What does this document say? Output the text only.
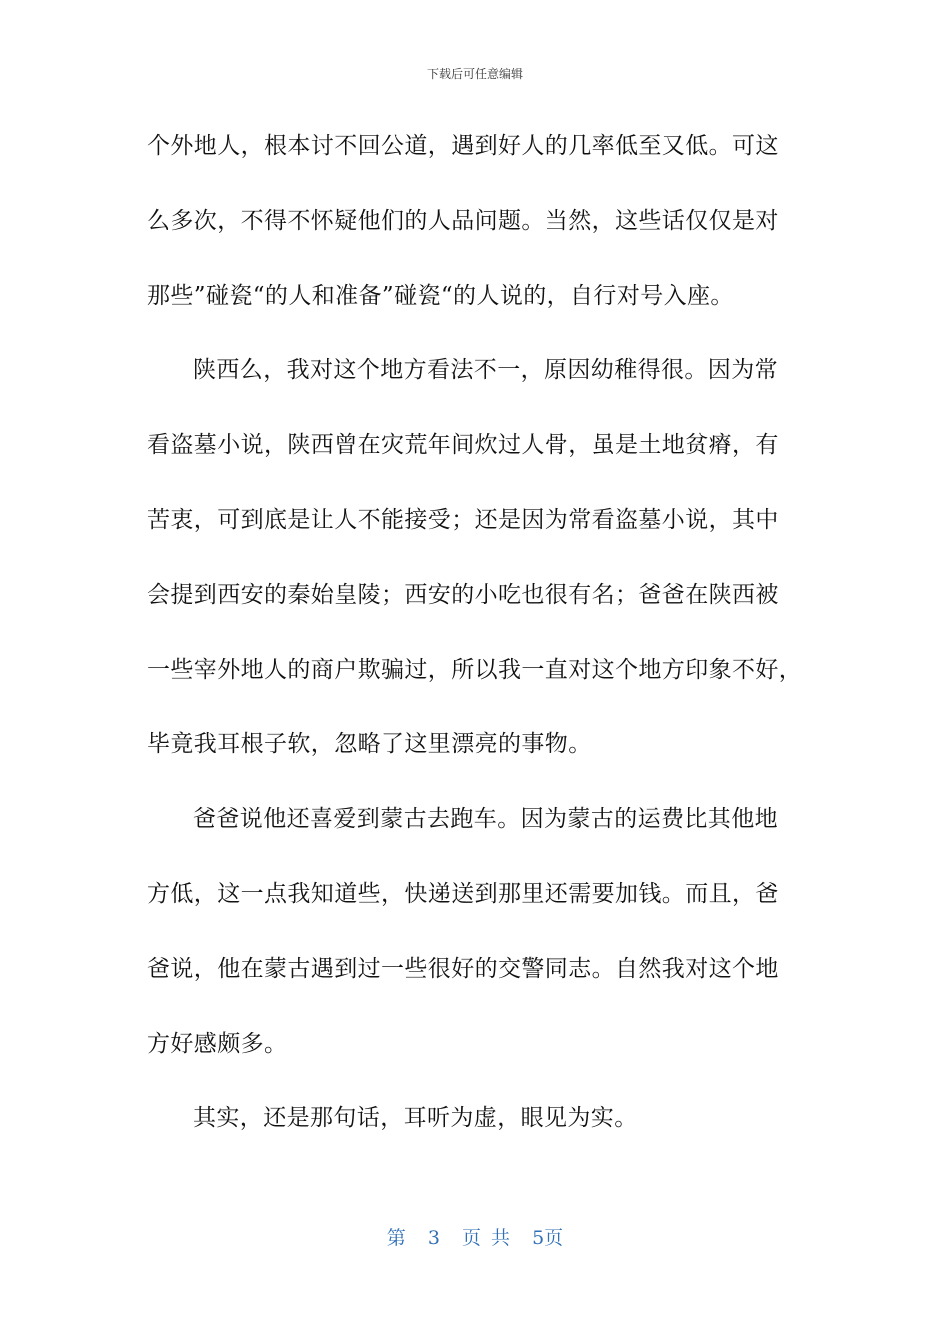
下载后可任意编辑
个外地人，根本讨不回公道，遇到好人的几率低至又低。可这
么多次，不得不怀疑他们的人品问题。当然，这些话仅仅是对
那些”碰瓷“的人和准备”碰瓷“的人说的，自行对号入座。
陕西么，我对这个地方看法不一，原因幼稚得很。因为常
看盗墓小说，陕西曾在灾荒年间炊过人骨，虽是土地贫瘠，有
苦衷，可到底是让人不能接受；还是因为常看盗墓小说，其中
会提到西安的秦始皇陵；西安的小吃也很有名；爸爸在陕西被
一些宰外地人的商户欺骗过，所以我一直对这个地方印象不好，
毕竟我耳根子软，忽略了这里漂亮的事物。
爸爸说他还喜爱到蒙古去跑车。因为蒙古的运费比其他地
方低，这一点我知道些，快递送到那里还需要加钱。而且，爸
爸说，他在蒙古遇到过一些很好的交警同志。自然我对这个地
方好感颇多。
其实，还是那句话，耳听为虚，眼见为实。
第 3 页 共 5页
